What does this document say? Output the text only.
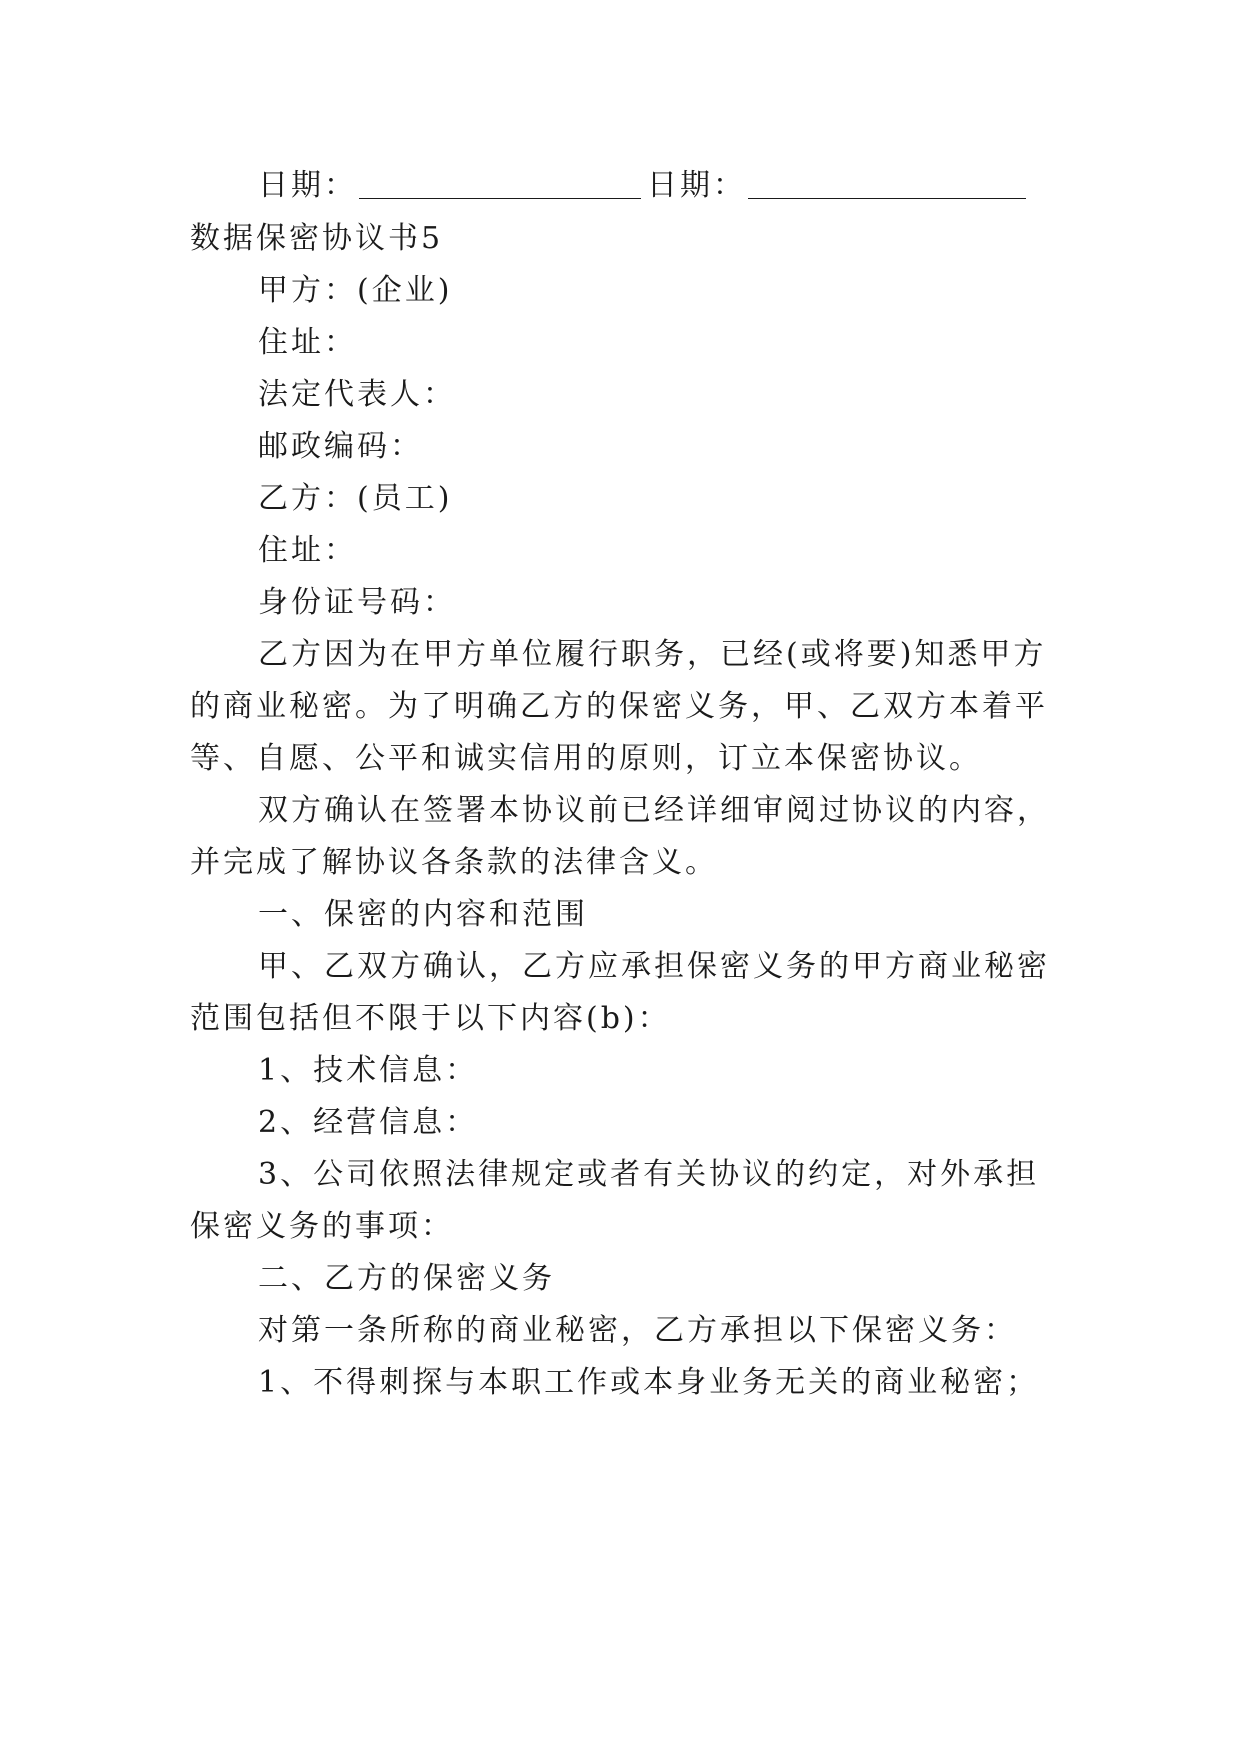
日期：	日期：
数据保密协议书5
甲方：(企业)
住址：
法定代表人：
邮政编码：
乙方：(员工)
住址：
身份证号码：
乙方因为在甲方单位履行职务，已经(或将要)知悉甲方
的商业秘密。为了明确乙方的保密义务，甲、乙双方本着平
等、自愿、公平和诚实信用的原则，订立本保密协议。
双方确认在签署本协议前已经详细审阅过协议的内容，
并完成了解协议各条款的法律含义。
一、保密的内容和范围
甲、乙双方确认，乙方应承担保密义务的甲方商业秘密
范围包括但不限于以下内容(b)：
1、技术信息：
2、经营信息：
3、公司依照法律规定或者有关协议的约定，对外承担
保密义务的事项：
二、乙方的保密义务
对第一条所称的商业秘密，乙方承担以下保密义务：
1、不得刺探与本职工作或本身业务无关的商业秘密；
